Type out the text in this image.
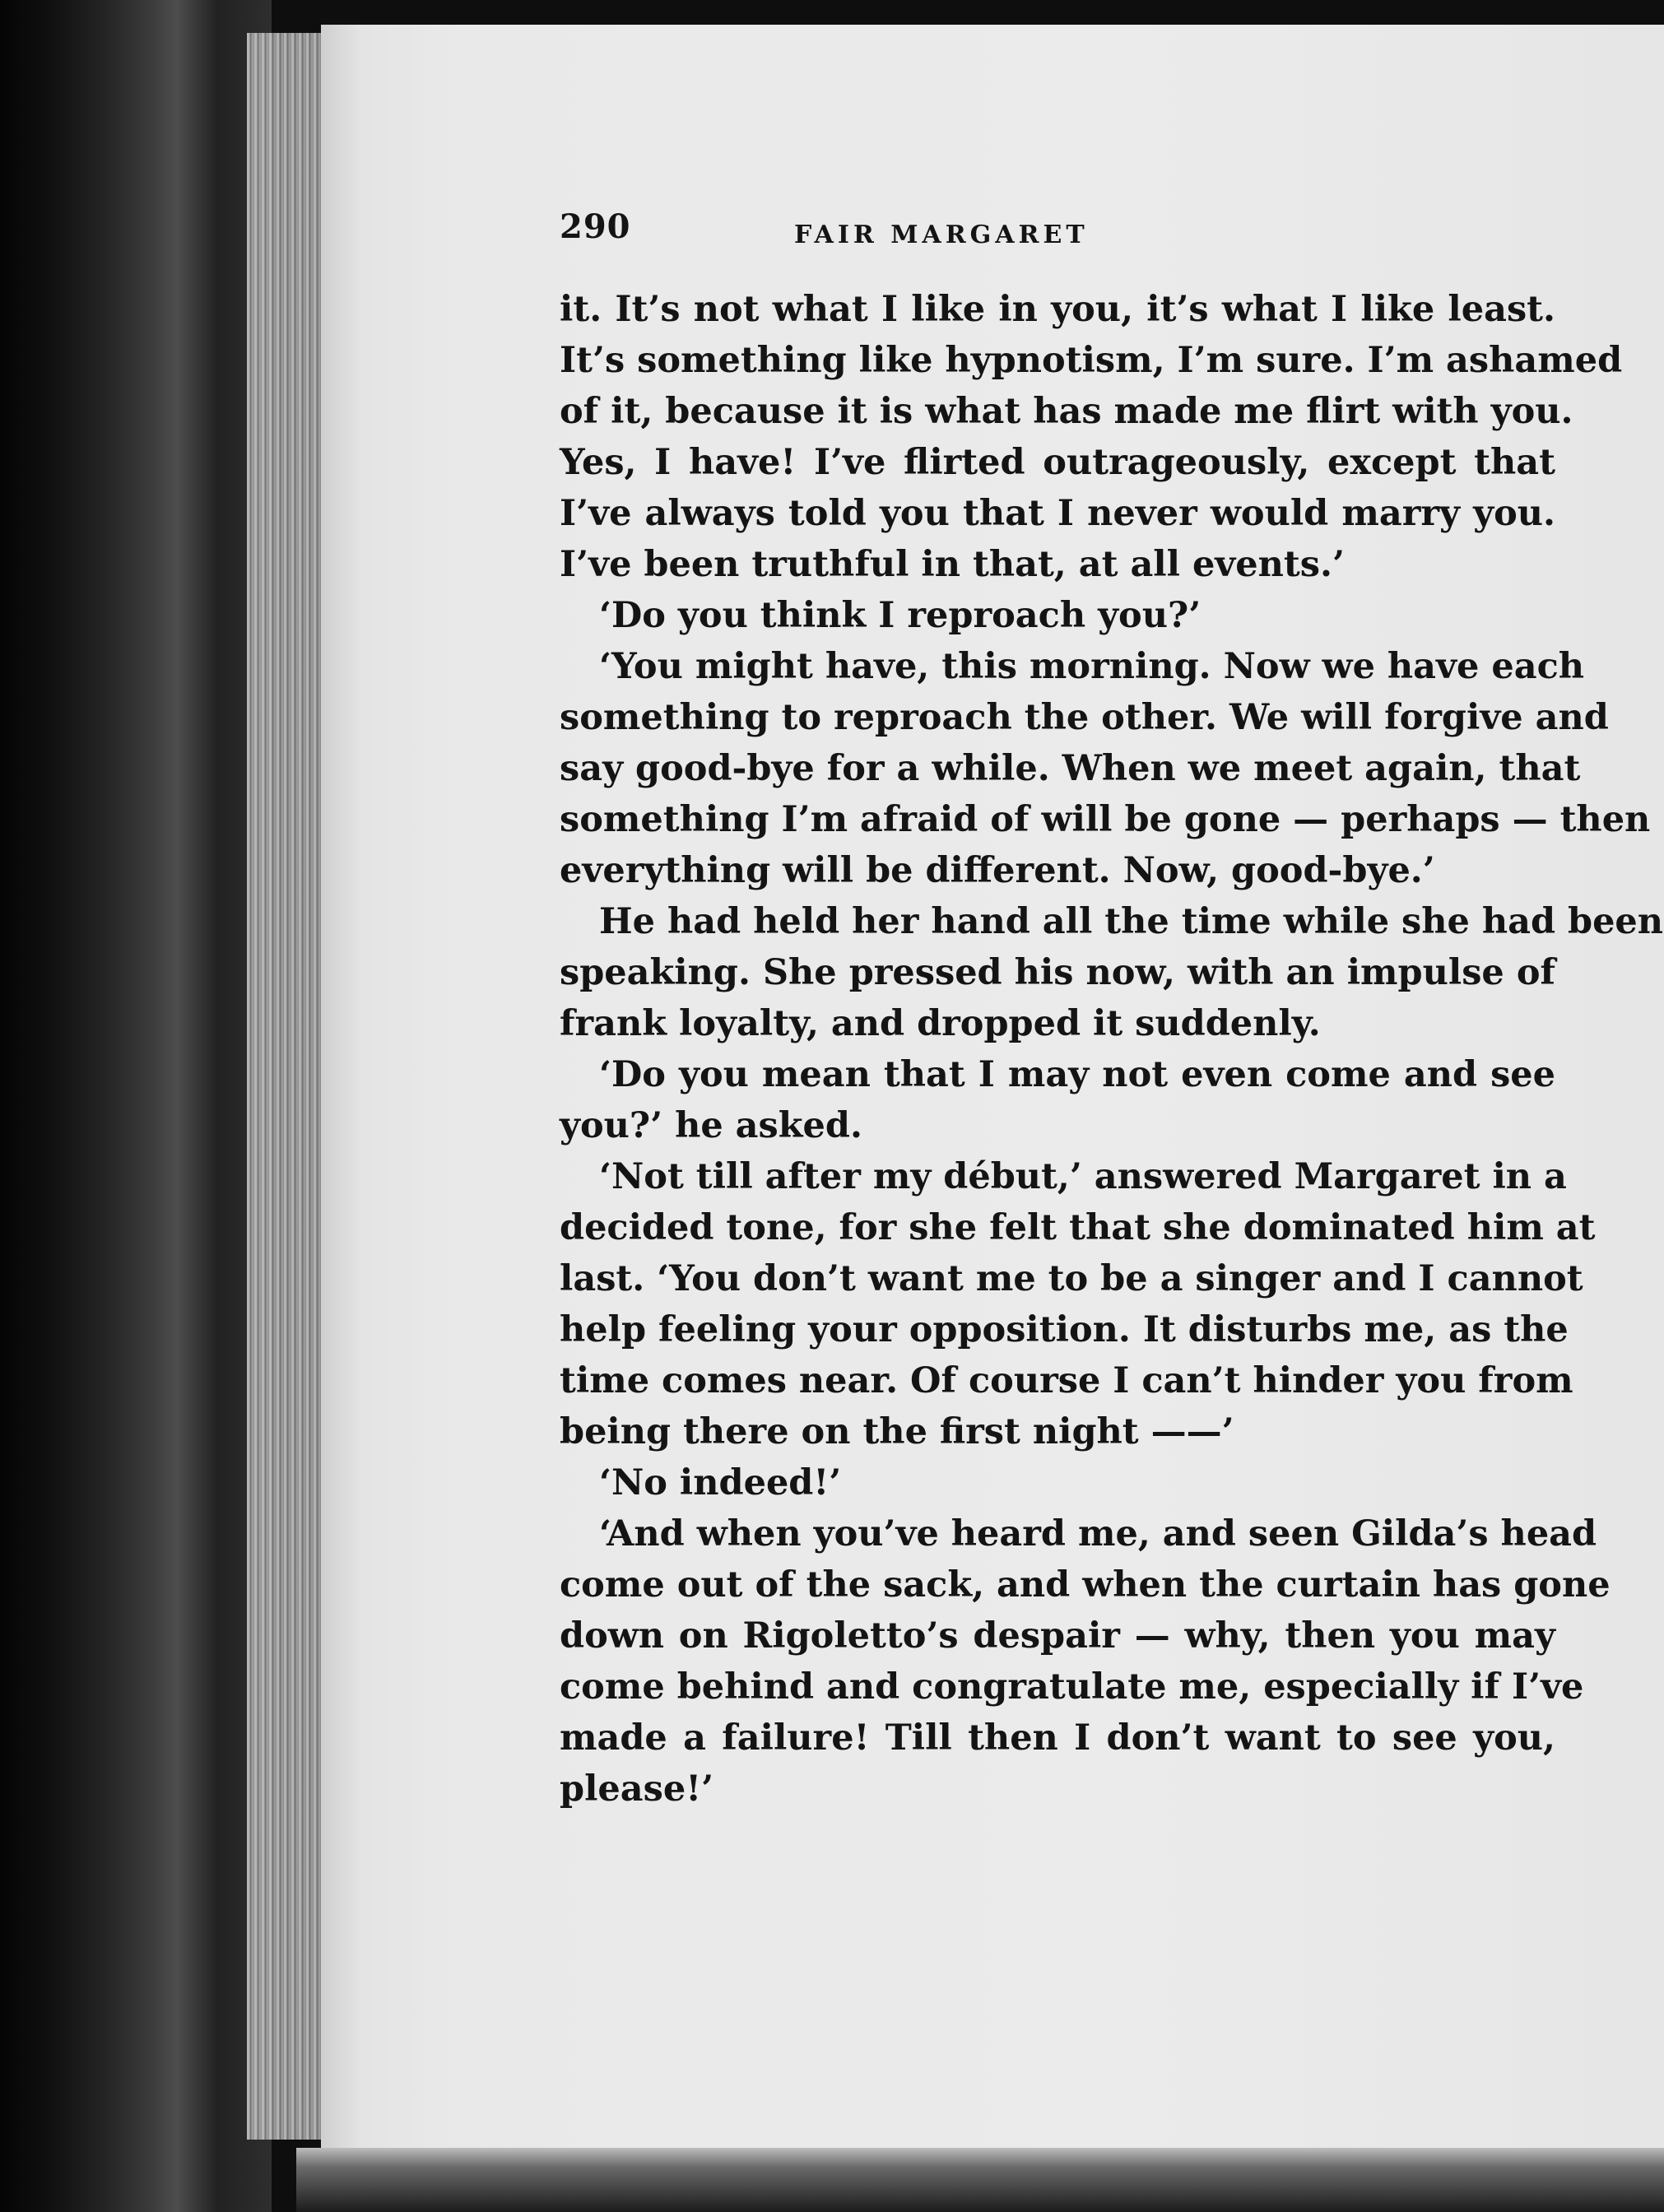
290	FAIR MARGARET
it. It’s not what I like in you, it’s what I like least.
It’s something like hypnotism, I’m sure. I’m ashamed
of it, because it is what has made me flirt with you.
Yes, I have! I’ve flirted outrageously, except that
I’ve always told you that I never would marry you.
I’ve been truthful in that, at all events.’
‘Do you think I reproach you?’
‘You might have, this morning. Now we have each
something to reproach the other. We will forgive and
say good-bye for a while. When we meet again, that
something I’m afraid of will be gone — perhaps — then
everything will be different. Now, good-bye.’
He had held her hand all the time while she had been
speaking. She pressed his now, with an impulse of
frank loyalty, and dropped it suddenly.
‘Do you mean that I may not even come and see
you?’ he asked.
‘Not till after my début,’ answered Margaret in a
decided tone, for she felt that she dominated him at
last. ‘You don’t want me to be a singer and I cannot
help feeling your opposition. It disturbs me, as the
time comes near. Of course I can’t hinder you from
being there on the first night ——’
‘No indeed!’
‘And when you’ve heard me, and seen Gilda’s head
come out of the sack, and when the curtain has gone
down on Rigoletto’s despair — why, then you may
come behind and congratulate me, especially if I’ve
made a failure! Till then I don’t want to see you,
please!’
